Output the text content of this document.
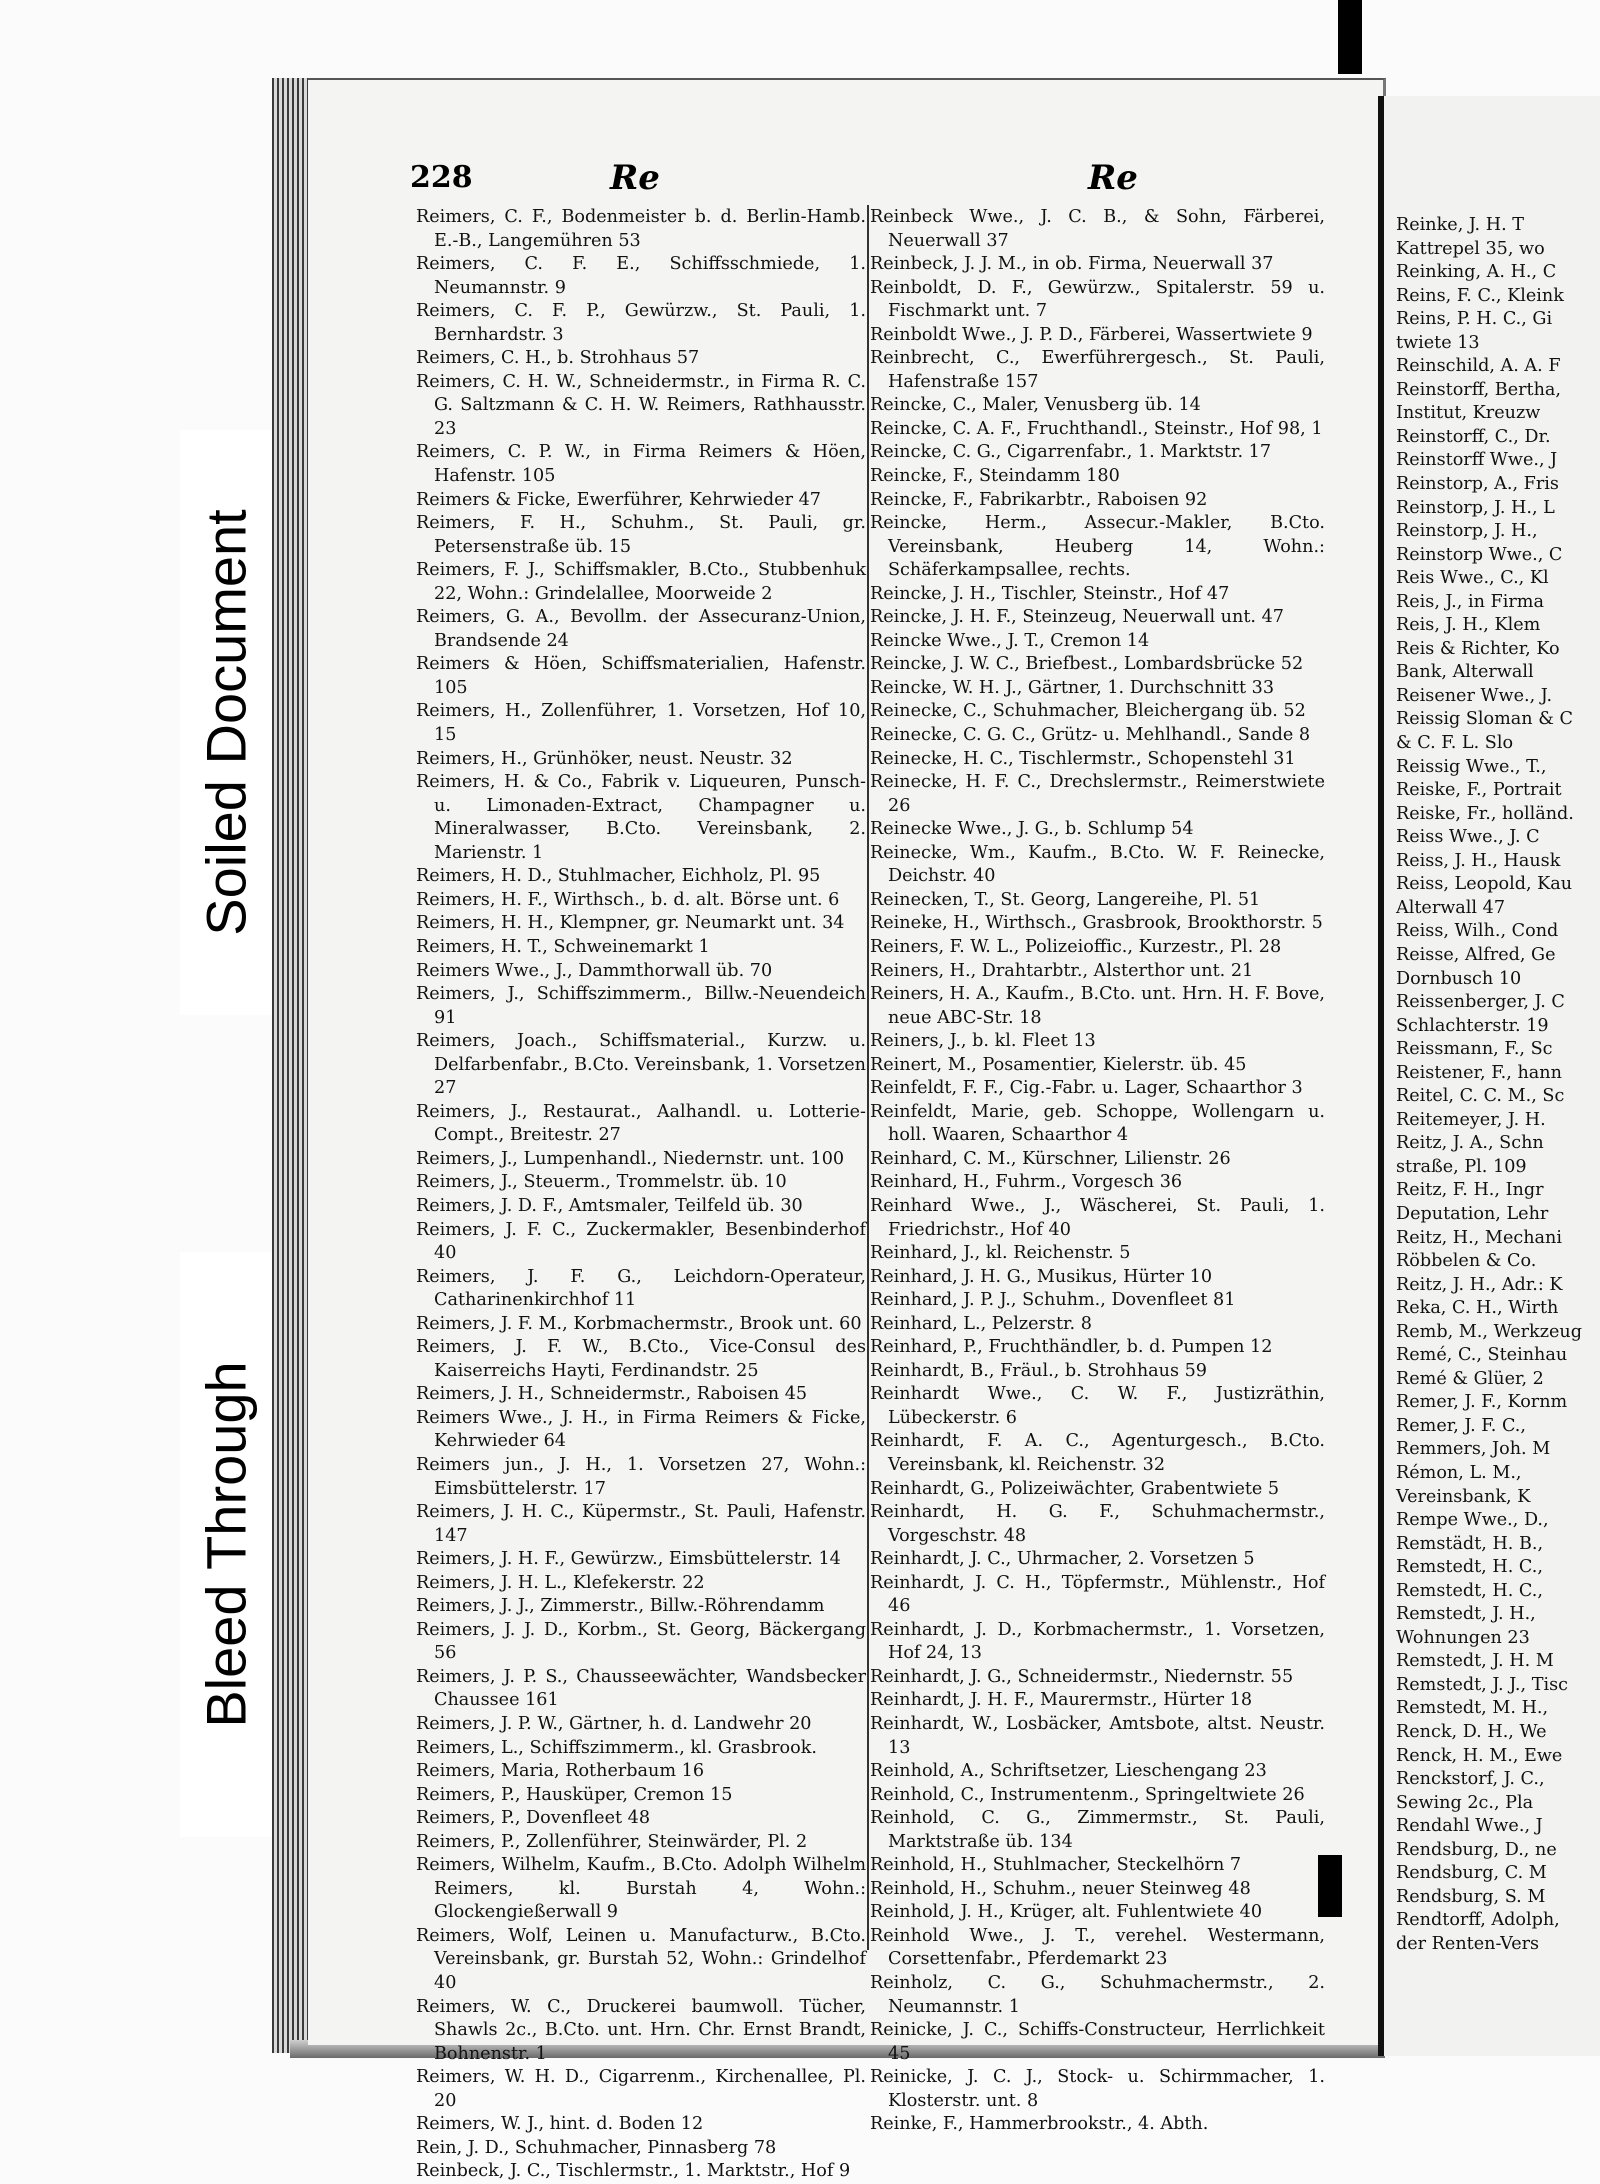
Reinke, J. H. T
Kattrepel 35, wo
Reinking, A. H., C
Reins, F. C., Kleink
Reins, P. H. C., Gi
twiete 13
Reinschild, A. A. F
Reinstorff, Bertha,
Institut, Kreuzw
Reinstorff, C., Dr.
Reinstorff Wwe., J
Reinstorp, A., Fris
Reinstorp, J. H., L
Reinstorp, J. H.,
Reinstorp Wwe., C
Reis Wwe., C., Kl
Reis, J., in Firma
Reis, J. H., Klem
Reis & Richter, Ko
Bank, Alterwall
Reisener Wwe., J.
Reissig Sloman & C
& C. F. L. Slo
Reissig Wwe., T.,
Reiske, F., Portrait
Reiske, Fr., holländ.
Reiss Wwe., J. C
Reiss, J. H., Hausk
Reiss, Leopold, Kau
Alterwall 47
Reiss, Wilh., Cond
Reisse, Alfred, Ge
Dornbusch 10
Reissenberger, J. C
Schlachterstr. 19
Reissmann, F., Sc
Reistener, F., hann
Reitel, C. C. M., Sc
Reitemeyer, J. H.
Reitz, J. A., Schn
straße, Pl. 109
Reitz, F. H., Ingr
Deputation, Lehr
Reitz, H., Mechani
Röbbelen & Co.
Reitz, J. H., Adr.: K
Reka, C. H., Wirth
Remb, M., Werkzeug
Remé, C., Steinhau
Remé & Glüer, 2
Remer, J. F., Kornm
Remer, J. F. C.,
Remmers, Joh. M
Rémon, L. M.,
Vereinsbank, K
Rempe Wwe., D.,
Remstädt, H. B.,
Remstedt, H. C.,
Remstedt, H. C.,
Remstedt, J. H.,
Wohnungen 23
Remstedt, J. H. M
Remstedt, J. J., Tisc
Remstedt, M. H.,
Renck, D. H., We
Renck, H. M., Ewe
Renckstorf, J. C.,
Sewing 2c., Pla
Rendahl Wwe., J
Rendsburg, D., ne
Rendsburg, C. M
Rendsburg, S. M
Rendtorff, Adolph,
der Renten-Vers
Soiled Document
Bleed Through
228	Re	Re
Reimers, C. F., Bodenmeister b. d. Berlin-Hamb. E.-B., Langemühren 53
Reimers, C. F. E., Schiffsschmiede, 1. Neumannstr. 9
Reimers, C. F. P., Gewürzw., St. Pauli, 1. Bernhardstr. 3
Reimers, C. H., b. Strohhaus 57
Reimers, C. H. W., Schneidermstr., in Firma R. C. G. Saltzmann & C. H. W. Reimers, Rathhausstr. 23
Reimers, C. P. W., in Firma Reimers & Höen, Hafenstr. 105
Reimers & Ficke, Ewerführer, Kehrwieder 47
Reimers, F. H., Schuhm., St. Pauli, gr. Petersenstraße üb. 15
Reimers, F. J., Schiffsmakler, B.Cto., Stubbenhuk 22, Wohn.: Grindelallee, Moorweide 2
Reimers, G. A., Bevollm. der Assecuranz-Union, Brandsende 24
Reimers & Höen, Schiffsmaterialien, Hafenstr. 105
Reimers, H., Zollenführer, 1. Vorsetzen, Hof 10, 15
Reimers, H., Grünhöker, neust. Neustr. 32
Reimers, H. & Co., Fabrik v. Liqueuren, Punsch- u. Limonaden-Extract, Champagner u. Mineralwasser, B.Cto. Vereinsbank, 2. Marienstr. 1
Reimers, H. D., Stuhlmacher, Eichholz, Pl. 95
Reimers, H. F., Wirthsch., b. d. alt. Börse unt. 6
Reimers, H. H., Klempner, gr. Neumarkt unt. 34
Reimers, H. T., Schweinemarkt 1
Reimers Wwe., J., Dammthorwall üb. 70
Reimers, J., Schiffszimmerm., Billw.-Neuendeich 91
Reimers, Joach., Schiffsmaterial., Kurzw. u. Delfarbenfabr., B.Cto. Vereinsbank, 1. Vorsetzen 27
Reimers, J., Restaurat., Aalhandl. u. Lotterie-Compt., Breitestr. 27
Reimers, J., Lumpenhandl., Niedernstr. unt. 100
Reimers, J., Steuerm., Trommelstr. üb. 10
Reimers, J. D. F., Amtsmaler, Teilfeld üb. 30
Reimers, J. F. C., Zuckermakler, Besenbinderhof 40
Reimers, J. F. G., Leichdorn-Operateur, Catharinenkirchhof 11
Reimers, J. F. M., Korbmachermstr., Brook unt. 60
Reimers, J. F. W., B.Cto., Vice-Consul des Kaiserreichs Hayti, Ferdinandstr. 25
Reimers, J. H., Schneidermstr., Raboisen 45
Reimers Wwe., J. H., in Firma Reimers & Ficke, Kehrwieder 64
Reimers jun., J. H., 1. Vorsetzen 27, Wohn.: Eimsbüttelerstr. 17
Reimers, J. H. C., Küpermstr., St. Pauli, Hafenstr. 147
Reimers, J. H. F., Gewürzw., Eimsbüttelerstr. 14
Reimers, J. H. L., Klefekerstr. 22
Reimers, J. J., Zimmerstr., Billw.-Röhrendamm
Reimers, J. J. D., Korbm., St. Georg, Bäckergang 56
Reimers, J. P. S., Chausseewächter, Wandsbecker Chaussee 161
Reimers, J. P. W., Gärtner, h. d. Landwehr 20
Reimers, L., Schiffszimmerm., kl. Grasbrook.
Reimers, Maria, Rotherbaum 16
Reimers, P., Hausküper, Cremon 15
Reimers, P., Dovenfleet 48
Reimers, P., Zollenführer, Steinwärder, Pl. 2
Reimers, Wilhelm, Kaufm., B.Cto. Adolph Wilhelm Reimers, kl. Burstah 4, Wohn.: Glockengießerwall 9
Reimers, Wolf, Leinen u. Manufacturw., B.Cto. Vereinsbank, gr. Burstah 52, Wohn.: Grindelhof 40
Reimers, W. C., Druckerei baumwoll. Tücher, Shawls 2c., B.Cto. unt. Hrn. Chr. Ernst Brandt, Bohnenstr. 1
Reimers, W. H. D., Cigarrenm., Kirchenallee, Pl. 20
Reimers, W. J., hint. d. Boden 12
Rein, J. D., Schuhmacher, Pinnasberg 78
Reinbeck, J. C., Tischlermstr., 1. Marktstr., Hof 9
Reinbeck Wwe., J. C. B., & Sohn, Färberei, Neuerwall 37
Reinbeck, J. J. M., in ob. Firma, Neuerwall 37
Reinboldt, D. F., Gewürzw., Spitalerstr. 59 u. Fischmarkt unt. 7
Reinboldt Wwe., J. P. D., Färberei, Wassertwiete 9
Reinbrecht, C., Ewerführergesch., St. Pauli, Hafenstraße 157
Reincke, C., Maler, Venusberg üb. 14
Reincke, C. A. F., Fruchthandl., Steinstr., Hof 98, 1
Reincke, C. G., Cigarrenfabr., 1. Marktstr. 17
Reincke, F., Steindamm 180
Reincke, F., Fabrikarbtr., Raboisen 92
Reincke, Herm., Assecur.-Makler, B.Cto. Vereinsbank, Heuberg 14, Wohn.: Schäferkampsallee, rechts.
Reincke, J. H., Tischler, Steinstr., Hof 47
Reincke, J. H. F., Steinzeug, Neuerwall unt. 47
Reincke Wwe., J. T., Cremon 14
Reincke, J. W. C., Briefbest., Lombardsbrücke 52
Reincke, W. H. J., Gärtner, 1. Durchschnitt 33
Reinecke, C., Schuhmacher, Bleichergang üb. 52
Reinecke, C. G. C., Grütz- u. Mehlhandl., Sande 8
Reinecke, H. C., Tischlermstr., Schopenstehl 31
Reinecke, H. F. C., Drechslermstr., Reimerstwiete 26
Reinecke Wwe., J. G., b. Schlump 54
Reinecke, Wm., Kaufm., B.Cto. W. F. Reinecke, Deichstr. 40
Reinecken, T., St. Georg, Langereihe, Pl. 51
Reineke, H., Wirthsch., Grasbrook, Brookthorstr. 5
Reiners, F. W. L., Polizeioffic., Kurzestr., Pl. 28
Reiners, H., Drahtarbtr., Alsterthor unt. 21
Reiners, H. A., Kaufm., B.Cto. unt. Hrn. H. F. Bove, neue ABC-Str. 18
Reiners, J., b. kl. Fleet 13
Reinert, M., Posamentier, Kielerstr. üb. 45
Reinfeldt, F. F., Cig.-Fabr. u. Lager, Schaarthor 3
Reinfeldt, Marie, geb. Schoppe, Wollengarn u. holl. Waaren, Schaarthor 4
Reinhard, C. M., Kürschner, Lilienstr. 26
Reinhard, H., Fuhrm., Vorgesch 36
Reinhard Wwe., J., Wäscherei, St. Pauli, 1. Friedrichstr., Hof 40
Reinhard, J., kl. Reichenstr. 5
Reinhard, J. H. G., Musikus, Hürter 10
Reinhard, J. P. J., Schuhm., Dovenfleet 81
Reinhard, L., Pelzerstr. 8
Reinhard, P., Fruchthändler, b. d. Pumpen 12
Reinhardt, B., Fräul., b. Strohhaus 59
Reinhardt Wwe., C. W. F., Justizräthin, Lübeckerstr. 6
Reinhardt, F. A. C., Agenturgesch., B.Cto. Vereinsbank, kl. Reichenstr. 32
Reinhardt, G., Polizeiwächter, Grabentwiete 5
Reinhardt, H. G. F., Schuhmachermstr., Vorgeschstr. 48
Reinhardt, J. C., Uhrmacher, 2. Vorsetzen 5
Reinhardt, J. C. H., Töpfermstr., Mühlenstr., Hof 46
Reinhardt, J. D., Korbmachermstr., 1. Vorsetzen, Hof 24, 13
Reinhardt, J. G., Schneidermstr., Niedernstr. 55
Reinhardt, J. H. F., Maurermstr., Hürter 18
Reinhardt, W., Losbäcker, Amtsbote, altst. Neustr. 13
Reinhold, A., Schriftsetzer, Lieschengang 23
Reinhold, C., Instrumentenm., Springeltwiete 26
Reinhold, C. G., Zimmermstr., St. Pauli, Marktstraße üb. 134
Reinhold, H., Stuhlmacher, Steckelhörn 7
Reinhold, H., Schuhm., neuer Steinweg 48
Reinhold, J. H., Krüger, alt. Fuhlentwiete 40
Reinhold Wwe., J. T., verehel. Westermann, Corsettenfabr., Pferdemarkt 23
Reinholz, C. G., Schuhmachermstr., 2. Neumannstr. 1
Reinicke, J. C., Schiffs-Constructeur, Herrlichkeit 45
Reinicke, J. C. J., Stock- u. Schirmmacher, 1. Klosterstr. unt. 8
Reinke, F., Hammerbrookstr., 4. Abth.
